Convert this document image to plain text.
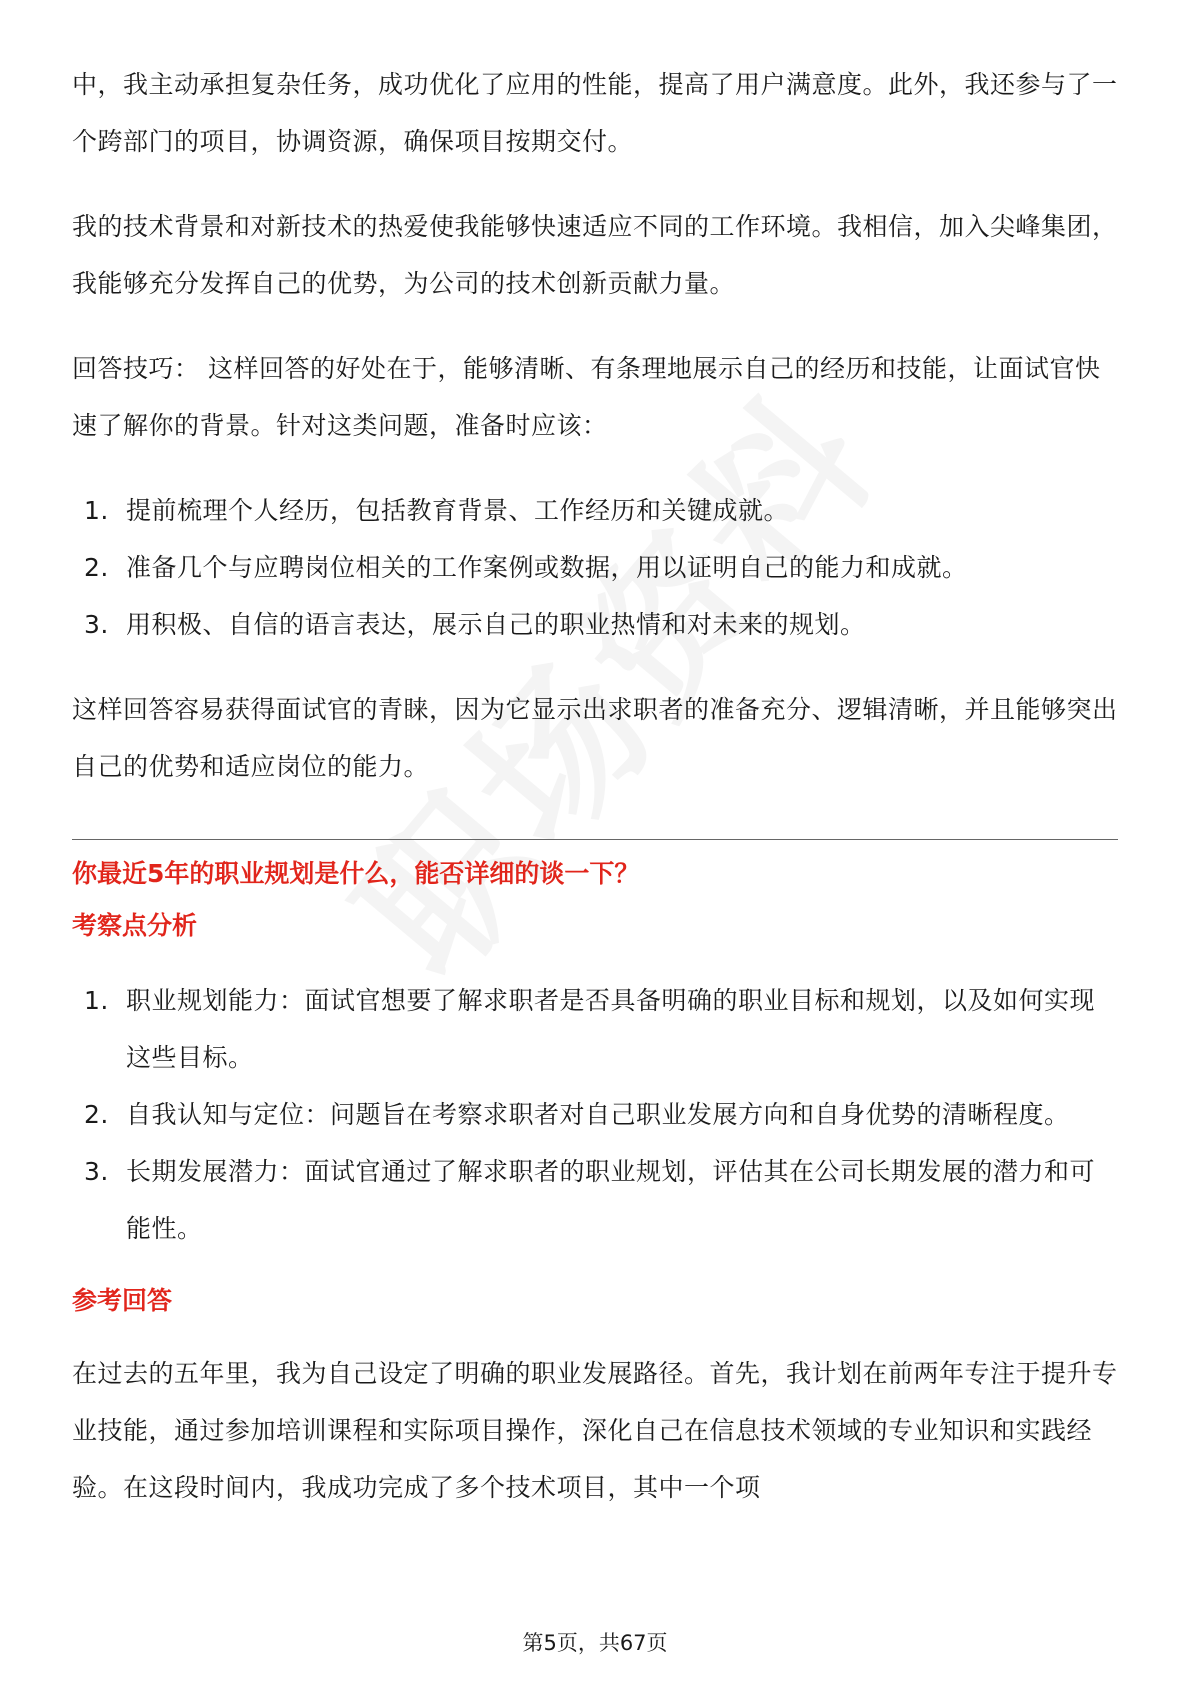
中，我主动承担复杂任务，成功优化了应用的性能，提高了用户满意度。此外，我还参与了一个跨部门的项目，协调资源，确保项目按期交付。

我的技术背景和对新技术的热爱使我能够快速适应不同的工作环境。我相信，加入尖峰集团，我能够充分发挥自己的优势，为公司的技术创新贡献力量。

回答技巧： 这样回答的好处在于，能够清晰、有条理地展示自己的经历和技能，让面试官快速了解你的背景。针对这类问题，准备时应该：

1. 提前梳理个人经历，包括教育背景、工作经历和关键成就。
2. 准备几个与应聘岗位相关的工作案例或数据，用以证明自己的能力和成就。
3. 用积极、自信的语言表达，展示自己的职业热情和对未来的规划。

这样回答容易获得面试官的青睐，因为它显示出求职者的准备充分、逻辑清晰，并且能够突出自己的优势和适应岗位的能力。

你最近5年的职业规划是什么，能否详细的谈一下？

考察点分析

1. 职业规划能力：面试官想要了解求职者是否具备明确的职业目标和规划，以及如何实现这些目标。
2. 自我认知与定位：问题旨在考察求职者对自己职业发展方向和自身优势的清晰程度。
3. 长期发展潜力：面试官通过了解求职者的职业规划，评估其在公司长期发展的潜力和可能性。

参考回答

在过去的五年里，我为自己设定了明确的职业发展路径。首先，我计划在前两年专注于提升专业技能，通过参加培训课程和实际项目操作，深化自己在信息技术领域的专业知识和实践经验。在这段时间内，我成功完成了多个技术项目，其中一个项

第5页，共67页
